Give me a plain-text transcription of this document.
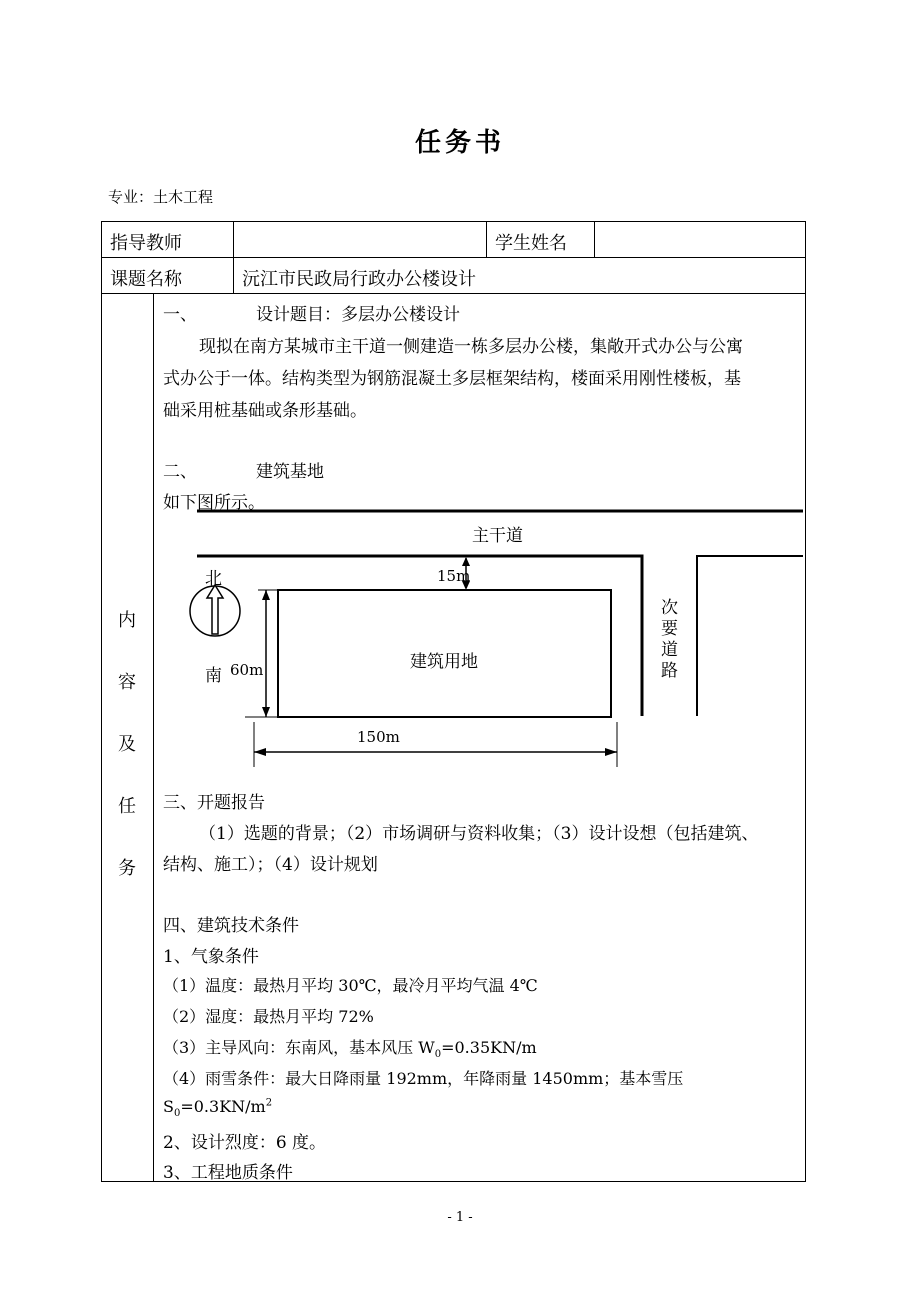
任务书
专业：土木工程
指导教师	学生姓名
课题名称	沅江市民政局行政办公楼设计
内
容
及
任
务
一、	设计题目：多层办公楼设计
现拟在南方某城市主干道一侧建造一栋多层办公楼，集敞开式办公与公寓
式办公于一体。结构类型为钢筋混凝土多层框架结构，楼面采用刚性楼板，基
础采用桩基础或条形基础。
二、	建筑基地
如下图所示。
主干道
15m
北
南 60m	建筑用地
次要道路
150m
三、开题报告
（1）选题的背景；（2）市场调研与资料收集；（3）设计设想（包括建筑、
结构、施工）；（4）设计规划
四、建筑技术条件
1、气象条件
（1）温度：最热月平均 30℃，最冷月平均气温 4℃
（2）湿度：最热月平均 72%
（3）主导风向：东南风，基本风压 $W_0=0.35KN/m$
（4）雨雪条件：最大日降雨量 192mm，年降雨量 1450mm；基本雪压
$S_0=0.3KN/m^2$
2、设计烈度：6 度。
3、工程地质条件
- 1 -
